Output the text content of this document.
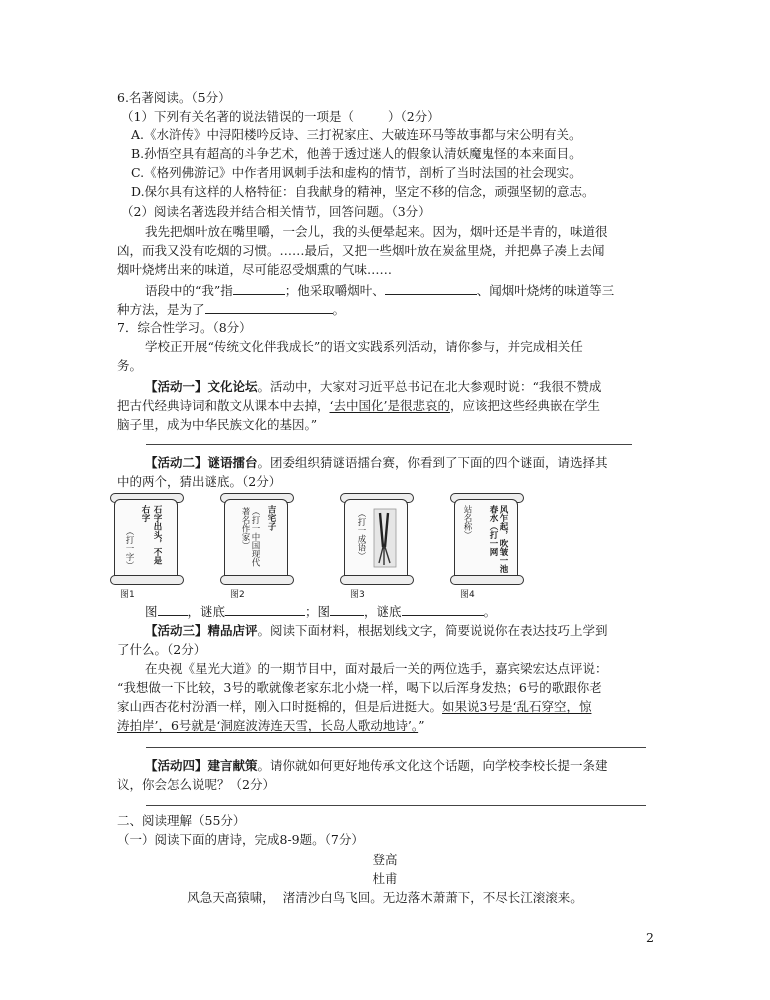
6.名著阅读。（5分）
（1）下列有关名著的说法错误的一项是（	）（2分）
A.《水浒传》中浔阳楼吟反诗、三打祝家庄、大破连环马等故事都与宋公明有关。
B.孙悟空具有超高的斗争艺术，他善于透过迷人的假象认清妖魔鬼怪的本来面目。
C.《格列佛游记》中作者用讽刺手法和虚构的情节，剖析了当时法国的社会现实。
D.保尔具有这样的人格特征：自我献身的精神，坚定不移的信念，顽强坚韧的意志。
（2）阅读名著选段并结合相关情节，回答问题。（3分）
我先把烟叶放在嘴里嚼，一会儿，我的头便晕起来。因为，烟叶还是半青的，味道很
凶，而我又没有吃烟的习惯。……最后，又把一些烟叶放在炭盆里烧，并把鼻子凑上去闻
烟叶烧烤出来的味道，尽可能忍受烟熏的气味……
语段中的“我”指	；他采取嚼烟叶、	、闻烟叶烧烤的味道等三
种方法，是为了	。
7．综合性学习。（8分）
学校正开展“传统文化伴我成长”的语文实践系列活动，请你参与，并完成相关任
务。
【活动一】文化论坛。活动中，大家对习近平总书记在北大参观时说：“我很不赞成
把古代经典诗词和散文从课本中去掉，‘去中国化’是很悲哀的，应该把这些经典嵌在学生
脑子里，成为中华民族文化的基因。”
【活动二】谜语擂台。团委组织猜谜语擂台赛，你看到了下面的四个谜面，请选择其
中的两个，猜出谜底。（2分）
石字出头，不是
右字
（打一字）
图1
吉宅子
（打一中国现代著名作家）
图2
（打一成语）
图3
风乍起，吹皱一池春水（打一网
站名称）
图4
图 ，谜底	；图	，谜底	。
【活动三】精品店评。阅读下面材料，根据划线文字，简要说说你在表达技巧上学到
了什么。（2分）
在央视《星光大道》的一期节目中，面对最后一关的两位选手，嘉宾梁宏达点评说：
“我想做一下比较，3号的歌就像老家东北小烧一样，喝下以后浑身发热；6号的歌跟你老
家山西杏花村汾酒一样，刚入口时挺棉的，但是后进挺大。如果说3号是‘乱石穿空，惊
涛拍岸’，6号就是‘洞庭波涛连天雪，长岛人歌动地诗’。”
【活动四】建言献策。请你就如何更好地传承文化这个话题，向学校李校长提一条建
议，你会怎么说呢？（2分）
二、阅读理解（55分）
（一）阅读下面的唐诗，完成8-9题。（7分）
登高
杜甫
风急天高猿啸，  渚清沙白鸟飞回。无边落木萧萧下，不尽长江滚滚来。
2
